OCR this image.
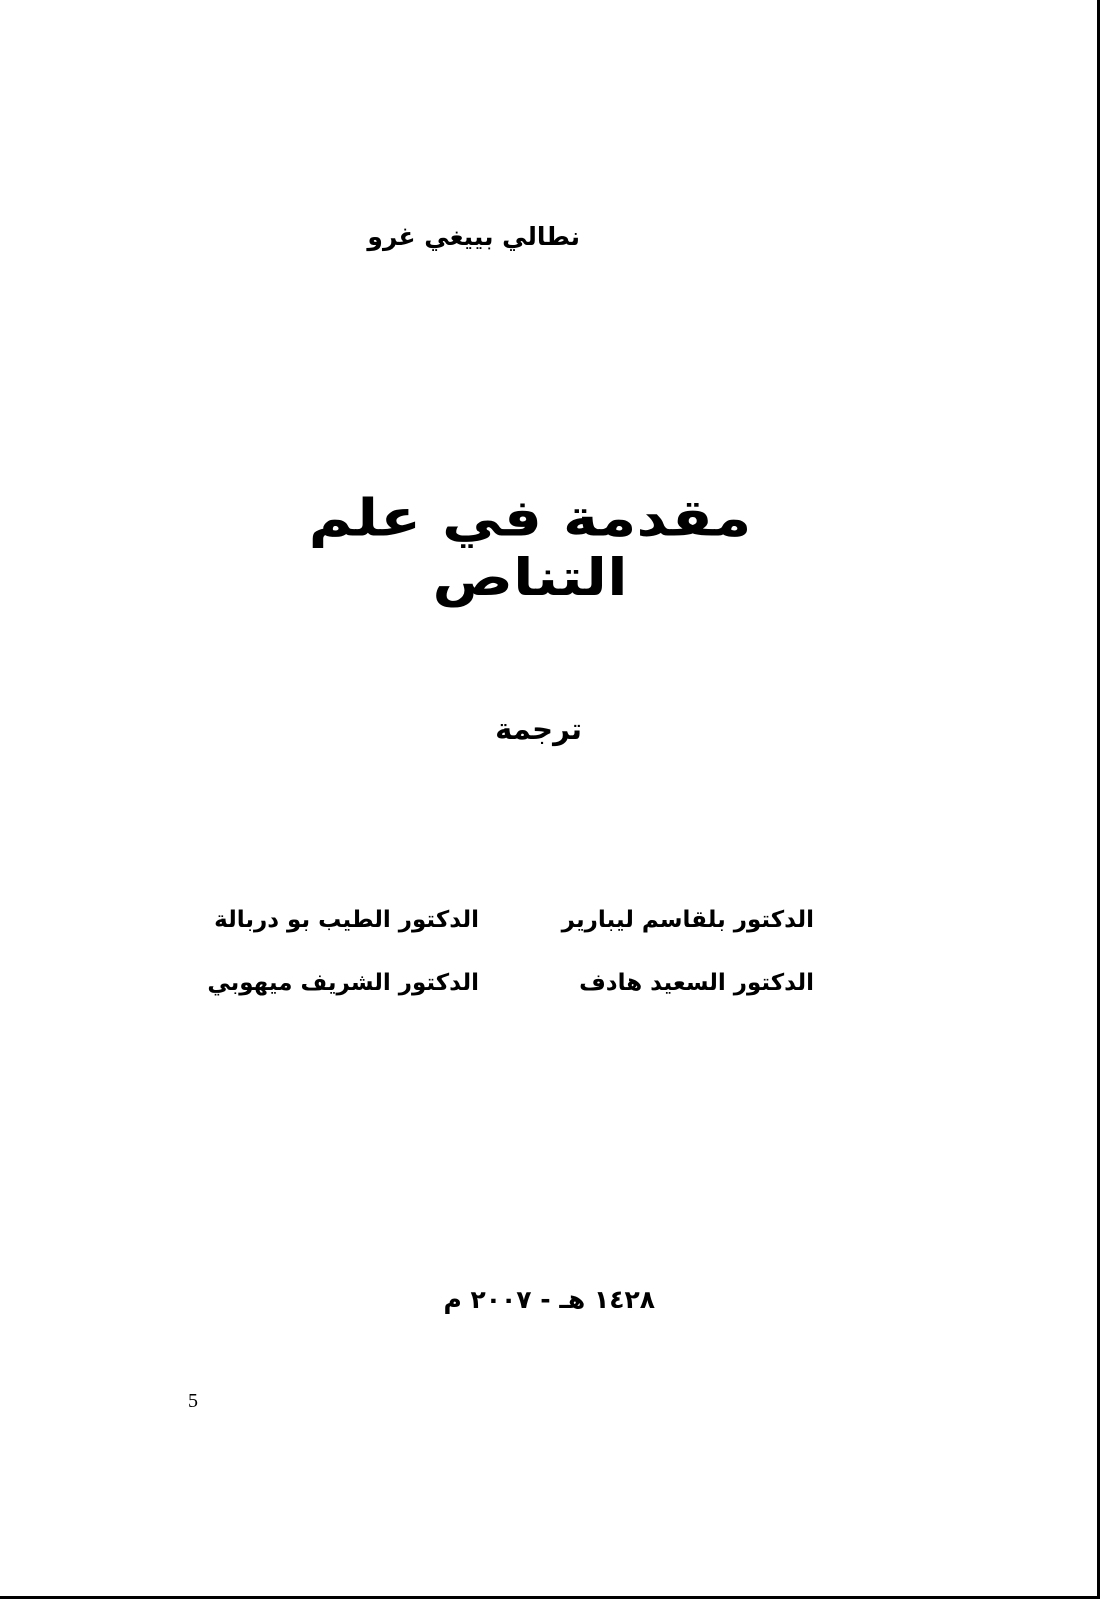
نطالي بييغي غرو
مقدمة في علم التناص
ترجمة
الدكتور بلقاسم ليبارير
الدكتور الطيب بو دربالة
الدكتور السعيد هادف
الدكتور الشريف ميهوبي
١٤٢٨ هـ - ٢٠٠٧ م
5
